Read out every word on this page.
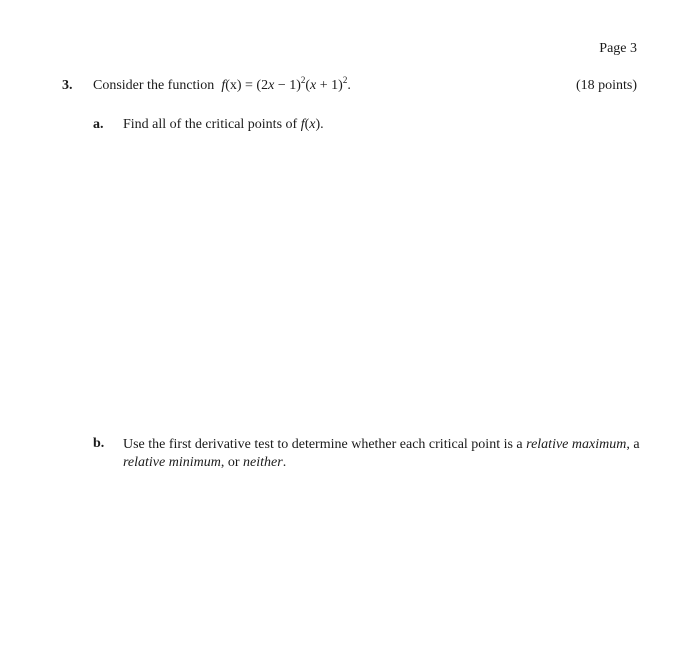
Page 3
3. Consider the function $f(x) = (2x - 1)^2(x + 1)^2$.	(18 points)
a. Find all of the critical points of f(x).
b. Use the first derivative test to determine whether each critical point is a relative maximum, a relative minimum, or neither.
